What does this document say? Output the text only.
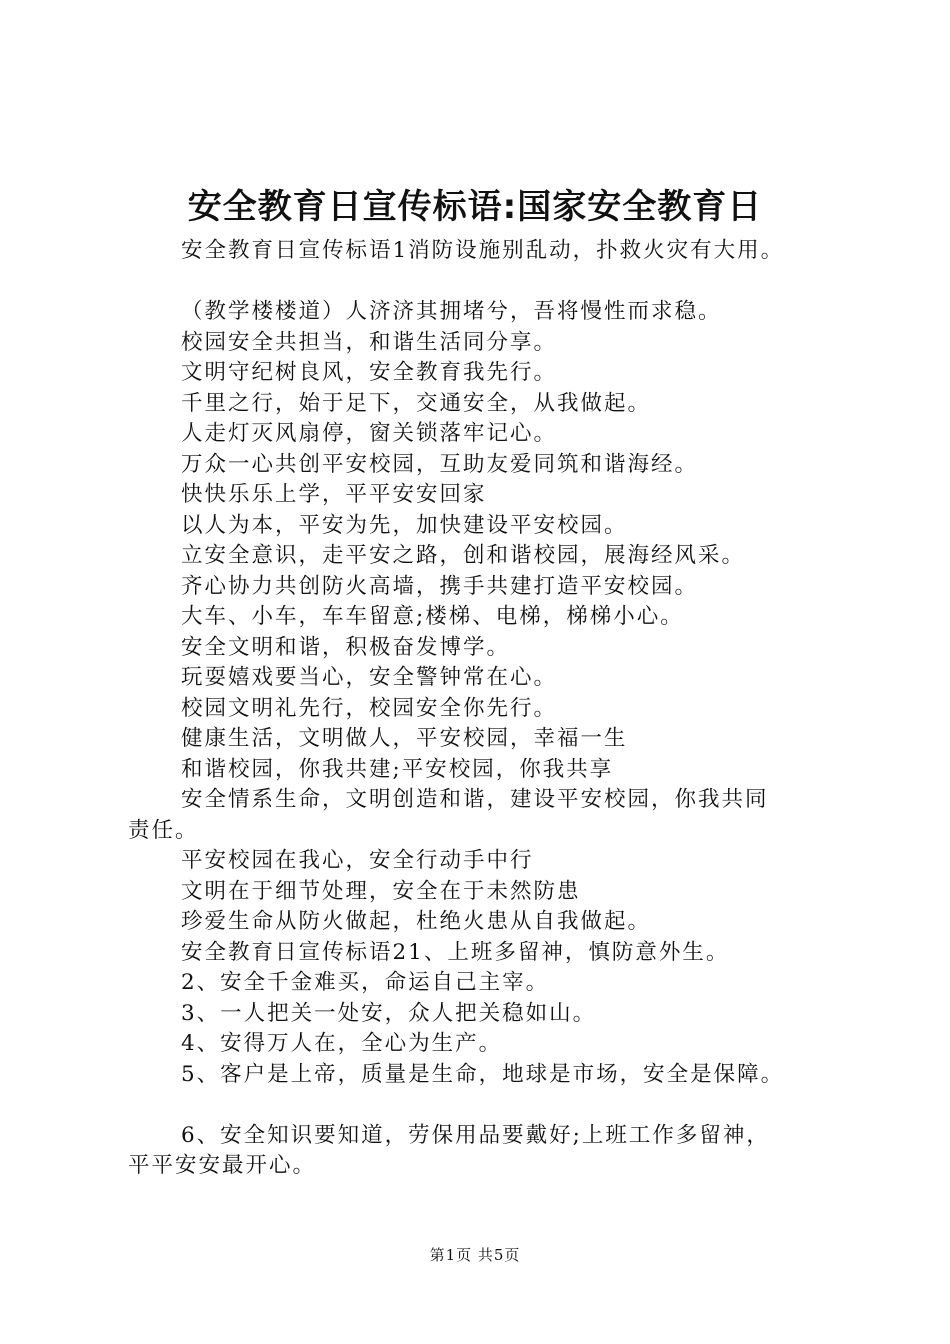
安全教育日宣传标语:国家安全教育日
安全教育日宣传标语1消防设施别乱动，扑救火灾有大用。
（教学楼楼道）人济济其拥堵兮，吾将慢性而求稳。
校园安全共担当，和谐生活同分享。
文明守纪树良风，安全教育我先行。
千里之行，始于足下，交通安全，从我做起。
人走灯灭风扇停，窗关锁落牢记心。
万众一心共创平安校园，互助友爱同筑和谐海经。
快快乐乐上学，平平安安回家
以人为本，平安为先，加快建设平安校园。
立安全意识，走平安之路，创和谐校园，展海经风采。
齐心协力共创防火高墙，携手共建打造平安校园。
大车、小车，车车留意;楼梯、电梯，梯梯小心。
安全文明和谐，积极奋发博学。
玩耍嬉戏要当心，安全警钟常在心。
校园文明礼先行，校园安全你先行。
健康生活，文明做人，平安校园，幸福一生
和谐校园，你我共建;平安校园，你我共享
安全情系生命，文明创造和谐，建设平安校园，你我共同
责任。
平安校园在我心，安全行动手中行
文明在于细节处理，安全在于未然防患
珍爱生命从防火做起，杜绝火患从自我做起。
安全教育日宣传标语21、上班多留神，慎防意外生。
2、安全千金难买，命运自己主宰。
3、一人把关一处安，众人把关稳如山。
4、安得万人在，全心为生产。
5、客户是上帝，质量是生命，地球是市场，安全是保障。
6、安全知识要知道，劳保用品要戴好;上班工作多留神，
平平安安最开心。
第1页 共5页
